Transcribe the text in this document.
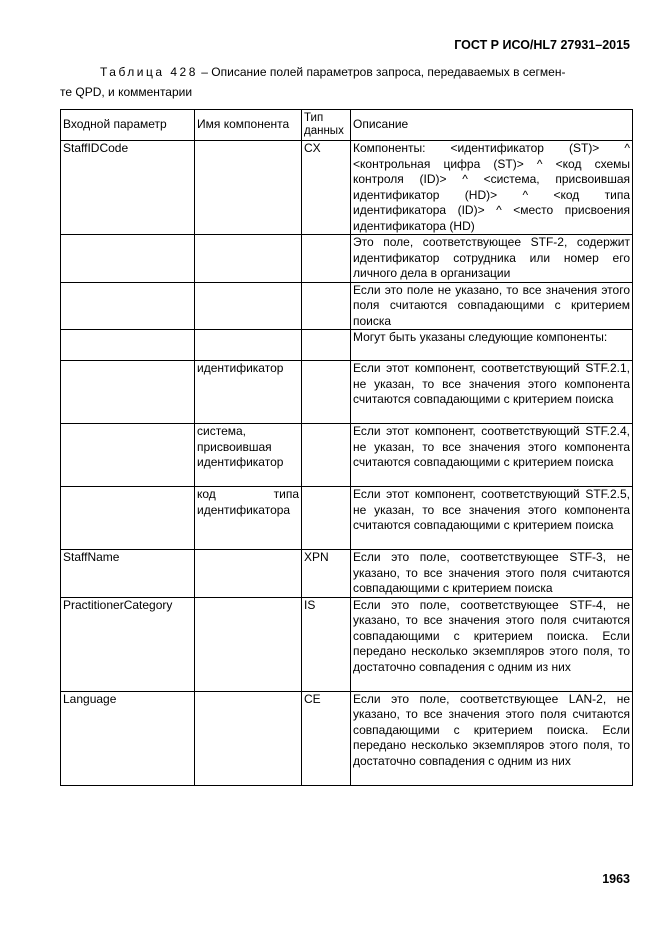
ГОСТ Р ИСО/HL7 27931–2015
Таблица 428 – Описание полей параметров запроса, передаваемых в сегмен-
те QPD, и комментарии
Входной параметр	Имя компонента	Тип данных	Описание
StaffIDCode		CX	Компоненты: <идентификатор (ST)> ^ <контрольная цифра (ST)> ^ <код схемы контроля (ID)> ^ <система, присвоившая идентификатор (HD)> ^ <код типа идентификатора (ID)> ^ <место присвоения идентификатора (HD)
			Это поле, соответствующее STF-2, содержит идентификатор сотрудника или номер его личного дела в организации
			Если это поле не указано, то все значения этого поля считаются совпадающими с критерием поиска
			Могут быть указаны следующие компоненты:
	идентификатор		Если этот компонент, соответствующий STF.2.1, не указан, то все значения этого компонента считаются совпадающими с критерием поиска
	система, присвоившая идентификатор		Если этот компонент, соответствующий STF.2.4, не указан, то все значения этого компонента считаются совпадающими с критерием поиска
	код типа идентификатора		Если этот компонент, соответствующий STF.2.5, не указан, то все значения этого компонента считаются совпадающими с критерием поиска
StaffName		XPN	Если это поле, соответствующее STF-3, не указано, то все значения этого поля считаются совпадающими с критерием поиска
PractitionerCategory		IS	Если это поле, соответствующее STF-4, не указано, то все значения этого поля считаются совпадающими с критерием поиска. Если передано несколько экземпляров этого поля, то достаточно совпадения с одним из них
Language		CE	Если это поле, соответствующее LAN-2, не указано, то все значения этого поля считаются совпадающими с критерием поиска. Если передано несколько экземпляров этого поля, то достаточно совпадения с одним из них
1963
